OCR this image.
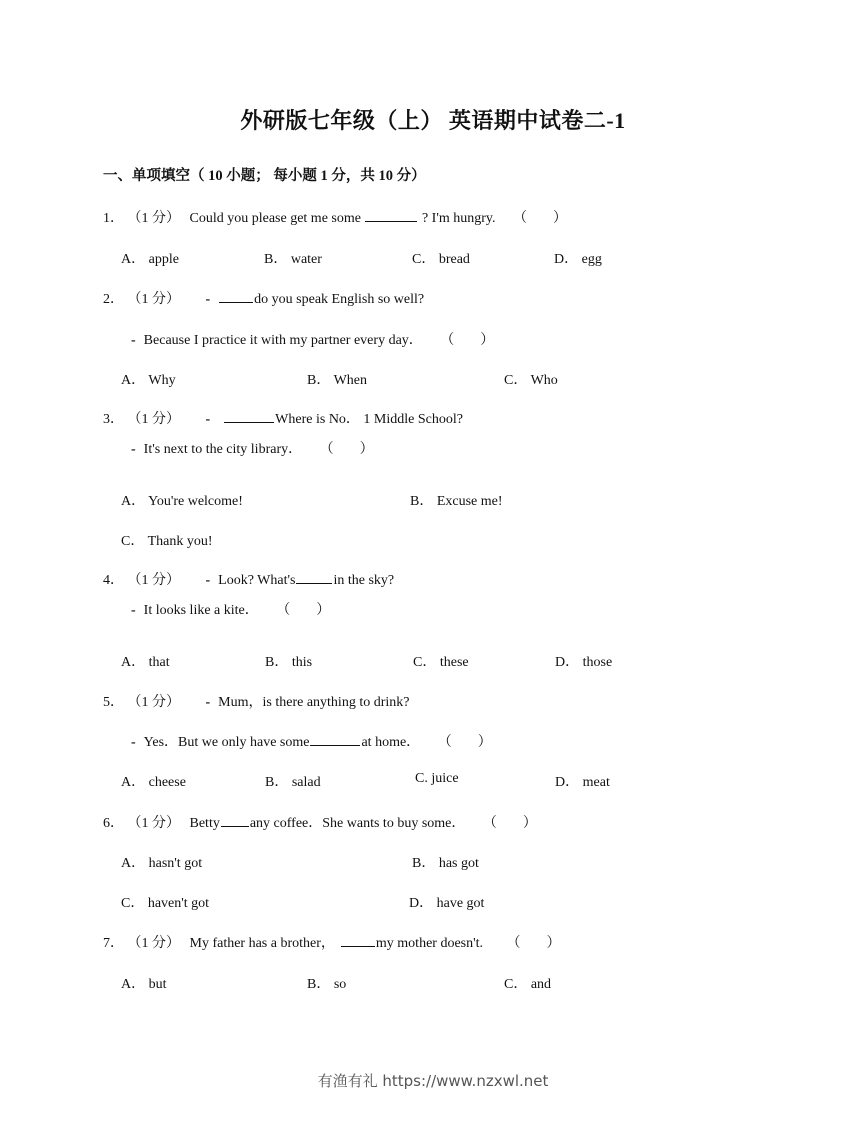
外研版七年级（上） 英语期中试卷二-1
一、单项填空（ 10 小题； 每小题 1 分，共 10 分）
1． （1 分） Could you please get me some	? I'm hungry. （ ）
A． apple	B． water	C． bread	D． egg
2． （1 分） -	do you speak English so well?
- Because I practice it with my partner every day． （ ）
A． Why	B． When	C． Who
3． （1 分） -	Where is No． 1 Middle School?
- It's next to the city library． （ ）
A． You're welcome!	B． Excuse me!
C． Thank you!
4． （1 分） - Look? What's	in the sky?
- It looks like a kite． （ ）
A． that	B． this	C． these	D． those
5． （1 分） - Mum，is there anything to drink?
- Yes．But we only have some	at home． （ ）
A． cheese	B． salad	C. juice	D． meat
6． （1 分） Betty any coffee．She wants to buy some． （ ）
A． hasn't got	B． has got
C． haven't got	D． have got
7． （1 分） My father has a brother，	my mother doesn't. （ ）
A． but	B． so	C． and
有渔有礼 https://www.nzxwl.net
